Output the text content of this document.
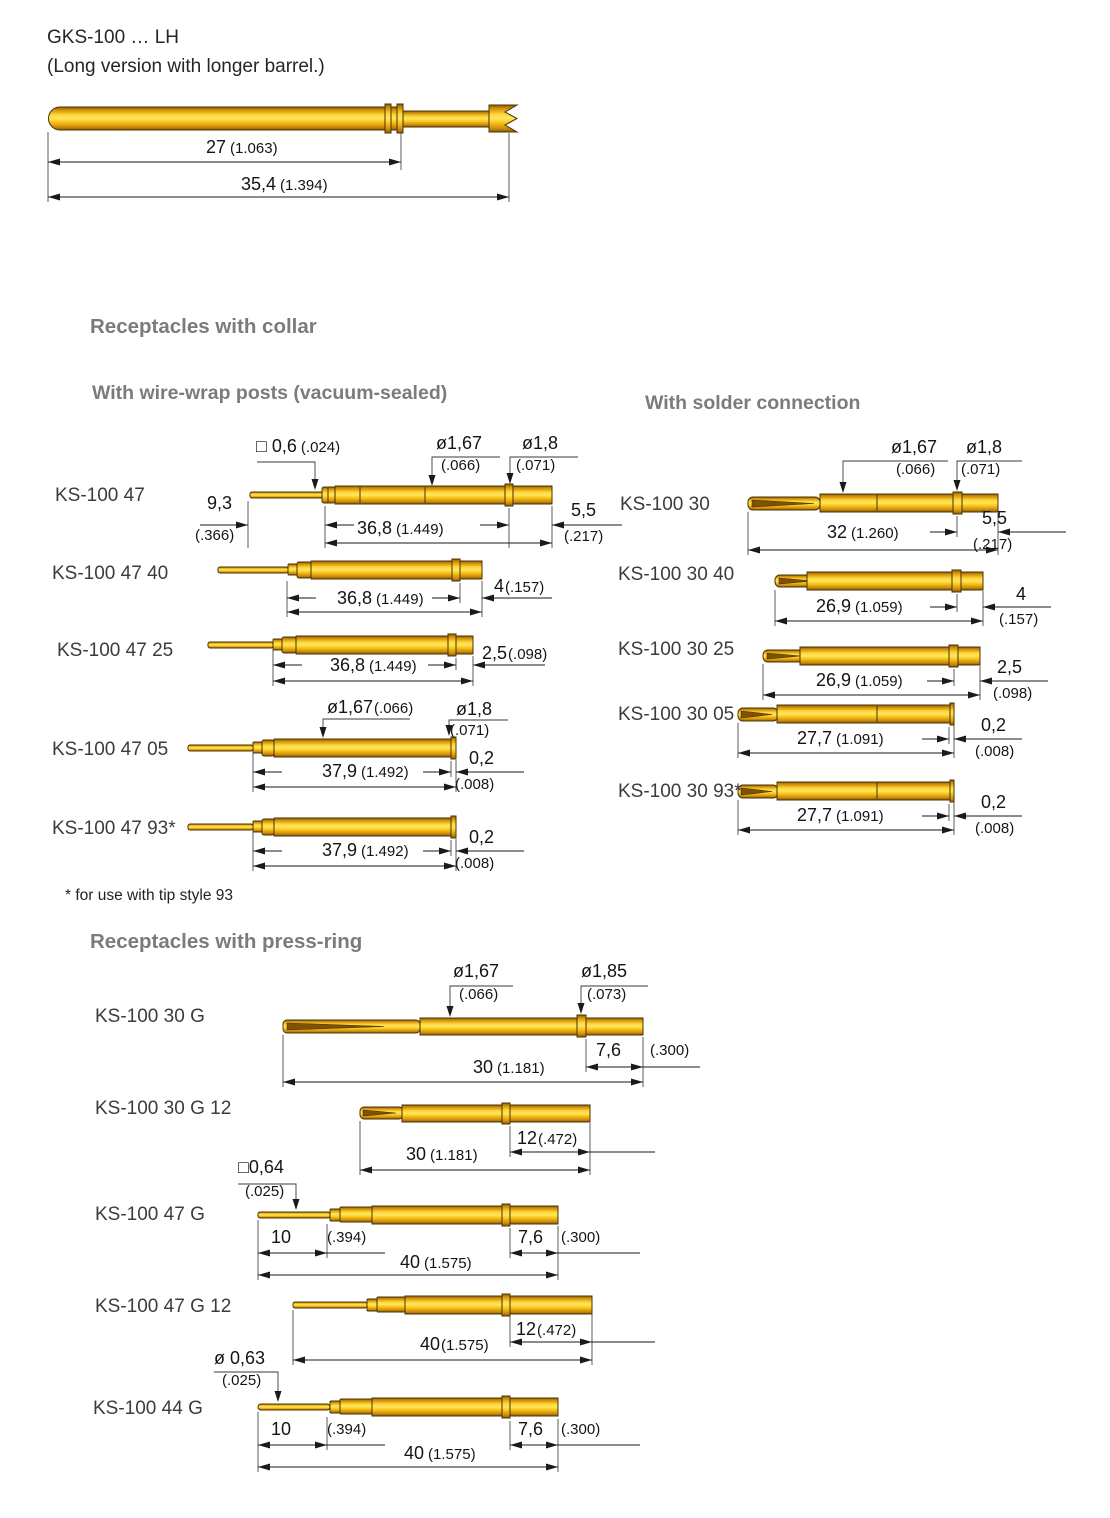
GKS-100 … LH
(Long version with longer barrel.)
27 (1.063)
35,4 (1.394)
Receptacles with collar
With wire-wrap posts (vacuum-sealed)	With solder connection
* for use with tip style 93
Receptacles with press-ring
KS-100 47
KS-100 47 40
KS-100 47 25
KS-100 47 05
KS-100 47 93*
KS-100 30
KS-100 30 40
KS-100 30 25
KS-100 30 05
KS-100 30 93*
KS-100 30 G
KS-100 30 G 12
KS-100 47 G
KS-100 47 G 12
KS-100 44 G
□ 0,6 (.024)	ø1,67
(.066)
ø1,8
(.071)
ø1,67(.066) ø1,8
(.071)
ø1,67
(.066)
ø1,8
(.071)
ø1,67
(.066)
ø1,85
(.073)
□0,64
(.025)
ø 0,63
(.025)
9,3
(.366)	36,8 (1.449)
5,5
(.217)
36,8 (1.449)
4(.157)
36,8 (1.449)
2,5(.098)
37,9 (1.492)
0,2
(.008)
37,9 (1.492)
0,2
(.008)
32 (1.260)
5,5
(.217)
26,9 (1.059)
4
(.157)
26,9 (1.059)
2,5
(.098)
27,7 (1.091)
0,2
(.008)
27,7 (1.091)
0,2
(.008)
30 (1.181)
7,6 (.300)
30 (1.181)
12(.472)
10 (.394)
40 (1.575)
7,6 (.300)
40(1.575)
12(.472)
10 (.394)
40 (1.575)
7,6 (.300)
